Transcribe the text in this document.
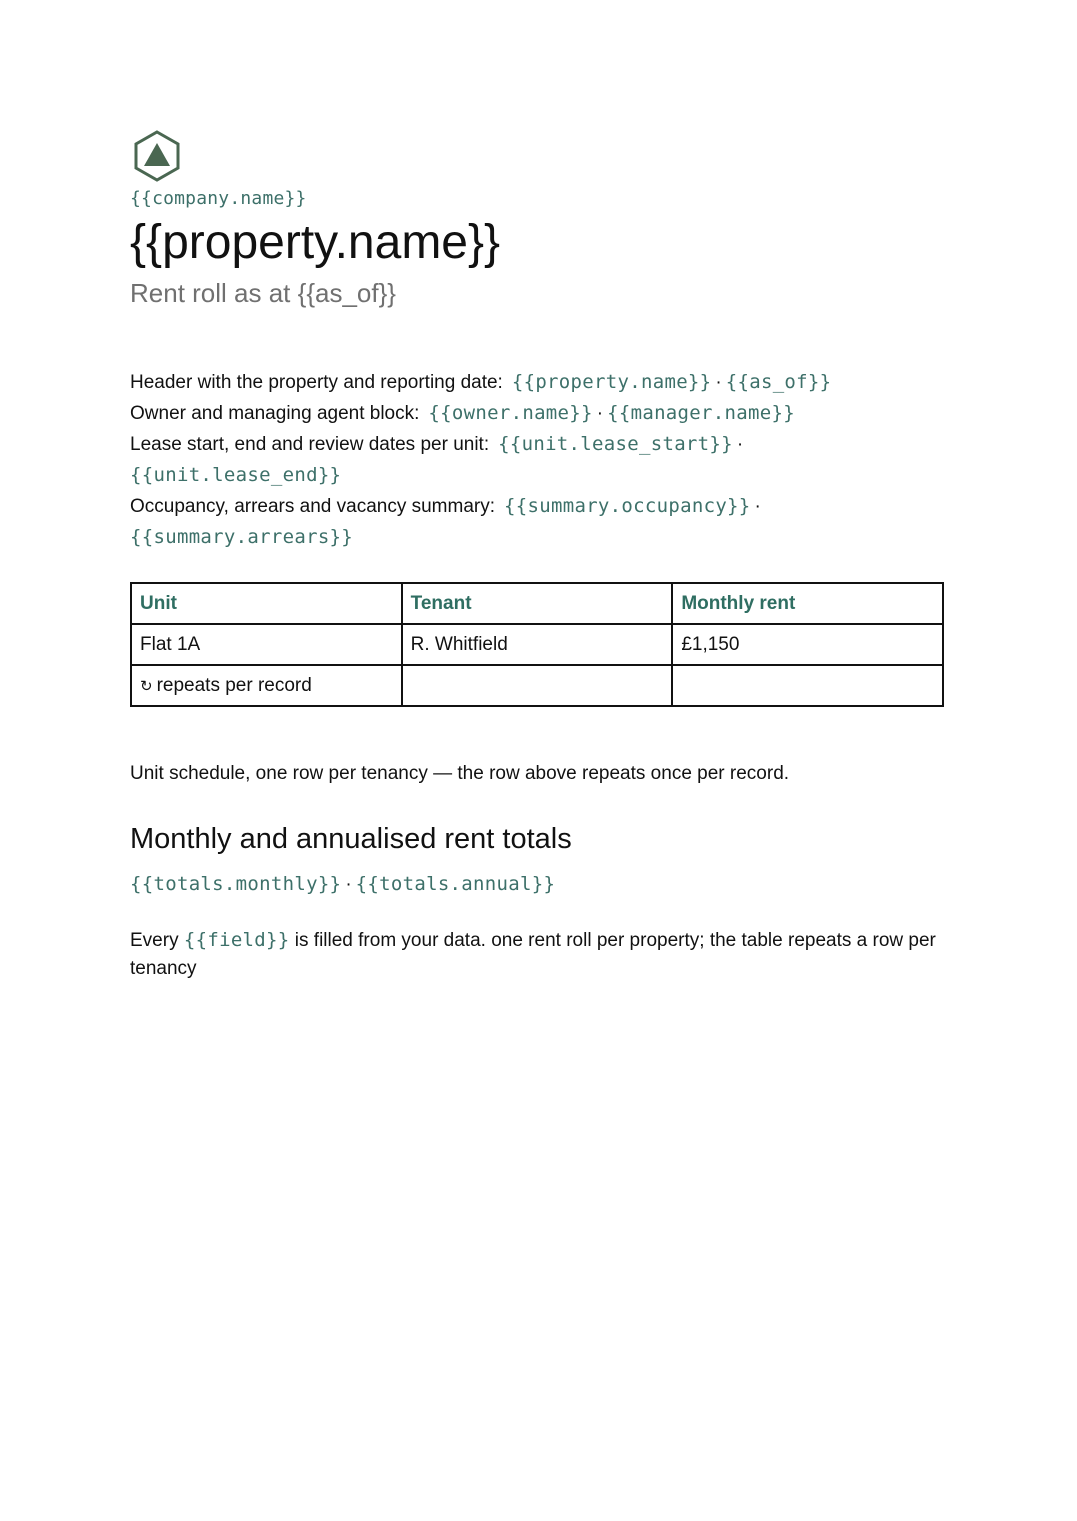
{{company.name}}
{{property.name}}
Rent roll as at {{as_of}}
Header with the property and reporting date: {{property.name}} · {{as_of}}
Owner and managing agent block: {{owner.name}} · {{manager.name}}
Lease start, end and review dates per unit: {{unit.lease_start}} ·
{{unit.lease_end}}
Occupancy, arrears and vacancy summary: {{summary.occupancy}} ·
{{summary.arrears}}
Unit	Tenant	Monthly rent
Flat 1A	R. Whitfield	£1,150
↻ repeats per record		
Unit schedule, one row per tenancy — the row above repeats once per record.
Monthly and annualised rent totals
{{totals.monthly}} · {{totals.annual}}
Every {{field}} is filled from your data. one rent roll per property; the table repeats a row per tenancy
